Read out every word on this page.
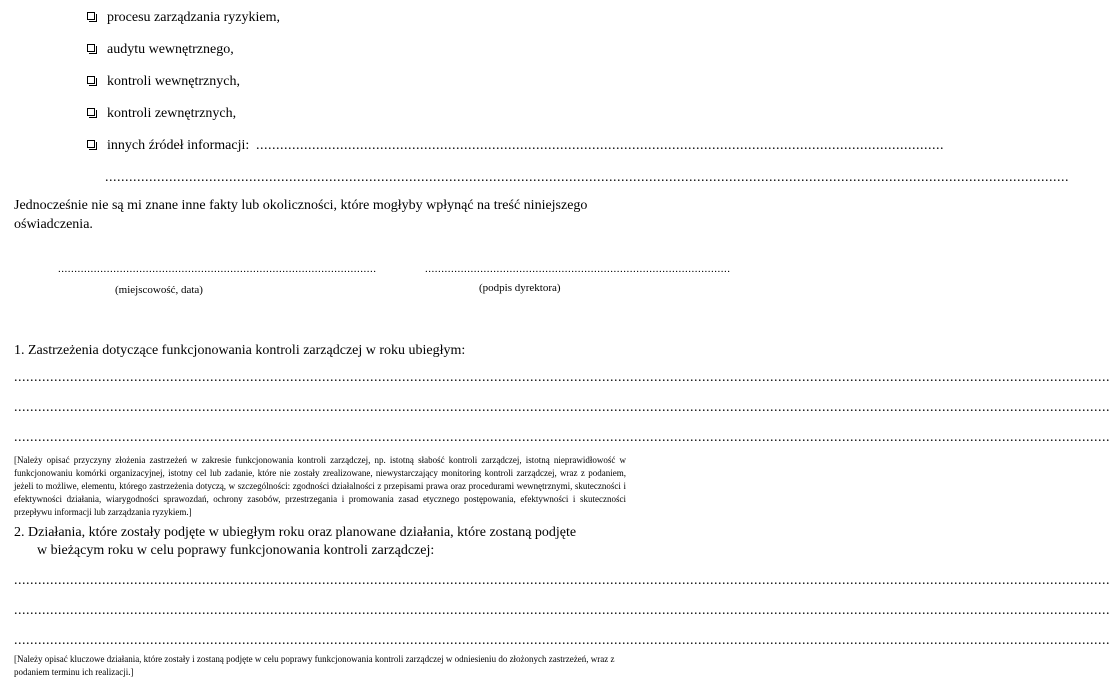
procesu zarządzania ryzykiem,
audytu wewnętrznego,
kontroli wewnętrznych,
kontroli zewnętrznych,
innych źródeł informacji: ............................................................................................................................................................................
.................................................................................................................................................................................................................................................
Jednocześnie nie są mi znane inne fakty lub okoliczności, które mogłyby wpłynąć na treść niniejszego oświadczenia.
..................................................................................................
(miejscowość, data)
..............................................................................................
(podpis dyrektora)
1. Zastrzeżenia dotyczące funkcjonowania kontroli zarządczej w roku ubiegłym:
..................................................................................................................................................................................................................................................................................
..................................................................................................................................................................................................................................................................................
..................................................................................................................................................................................................................................................................................
[Należy opisać przyczyny złożenia zastrzeżeń w zakresie funkcjonowania kontroli zarządczej, np. istotną słabość kontroli zarządczej, istotną nieprawidłowość w funkcjonowaniu komórki organizacyjnej, istotny cel lub zadanie, które nie zostały zrealizowane, niewystarczający monitoring kontroli zarządczej, wraz z podaniem, jeżeli to możliwe, elementu, którego zastrzeżenia dotyczą, w szczególności: zgodności działalności z przepisami prawa oraz procedurami wewnętrznymi, skuteczności i efektywności działania, wiarygodności sprawozdań, ochrony zasobów, przestrzegania i promowania zasad etycznego postępowania, efektywności i skuteczności przepływu informacji lub zarządzania ryzykiem.]
2. Działania, które zostały podjęte w ubiegłym roku oraz planowane działania, które zostaną podjęte
w bieżącym roku w celu poprawy funkcjonowania kontroli zarządczej:
..................................................................................................................................................................................................................................................................................
..................................................................................................................................................................................................................................................................................
..................................................................................................................................................................................................................................................................................
[Należy opisać kluczowe działania, które zostały i zostaną podjęte w celu poprawy funkcjonowania kontroli zarządczej w odniesieniu do złożonych zastrzeżeń, wraz z podaniem terminu ich realizacji.]
